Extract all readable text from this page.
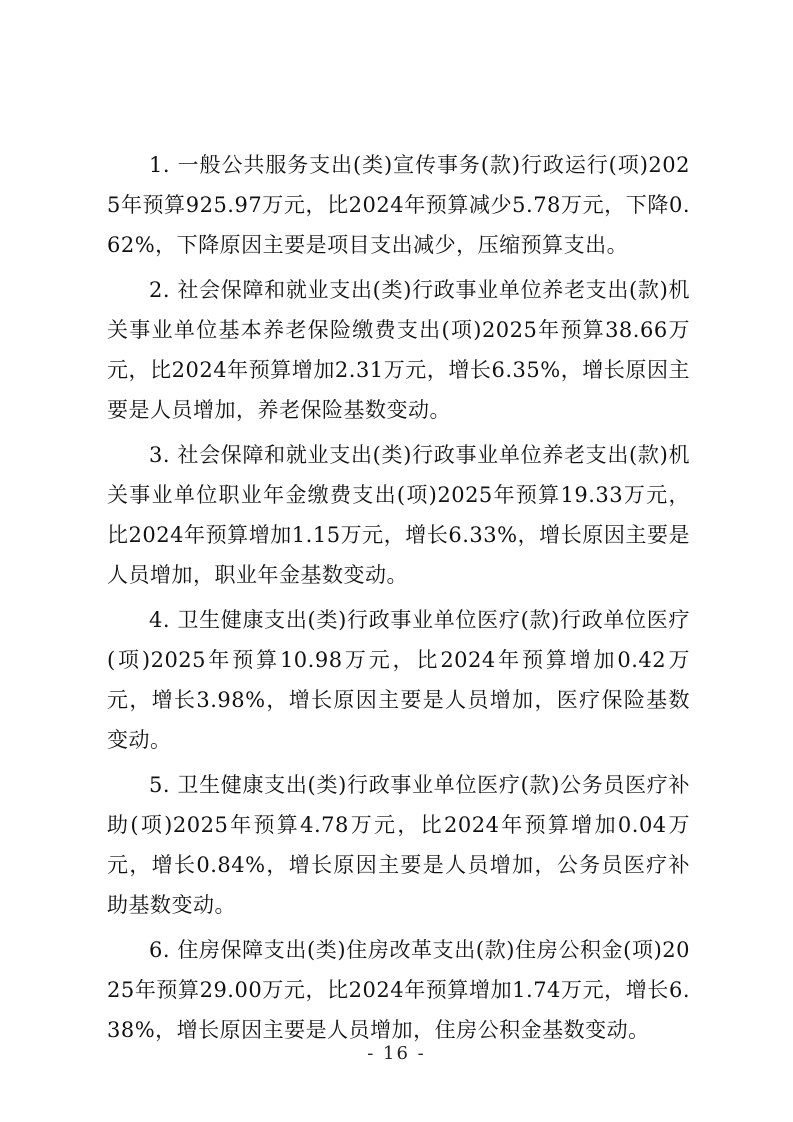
1. 一般公共服务支出(类)宣传事务(款)行政运行(项)2025年预算925.97万元，比2024年预算减少5.78万元，下降0.62%，下降原因主要是项目支出减少，压缩预算支出。

2. 社会保障和就业支出(类)行政事业单位养老支出(款)机关事业单位基本养老保险缴费支出(项)2025年预算38.66万元，比2024年预算增加2.31万元，增长6.35%，增长原因主要是人员增加，养老保险基数变动。

3. 社会保障和就业支出(类)行政事业单位养老支出(款)机关事业单位职业年金缴费支出(项)2025年预算19.33万元，比2024年预算增加1.15万元，增长6.33%，增长原因主要是人员增加，职业年金基数变动。

4. 卫生健康支出(类)行政事业单位医疗(款)行政单位医疗(项)2025年预算10.98万元，比2024年预算增加0.42万元，增长3.98%，增长原因主要是人员增加，医疗保险基数变动。

5. 卫生健康支出(类)行政事业单位医疗(款)公务员医疗补助(项)2025年预算4.78万元，比2024年预算增加0.04万元，增长0.84%，增长原因主要是人员增加，公务员医疗补助基数变动。

6. 住房保障支出(类)住房改革支出(款)住房公积金(项)2025年预算29.00万元，比2024年预算增加1.74万元，增长6.38%，增长原因主要是人员增加，住房公积金基数变动。

- 16 -
